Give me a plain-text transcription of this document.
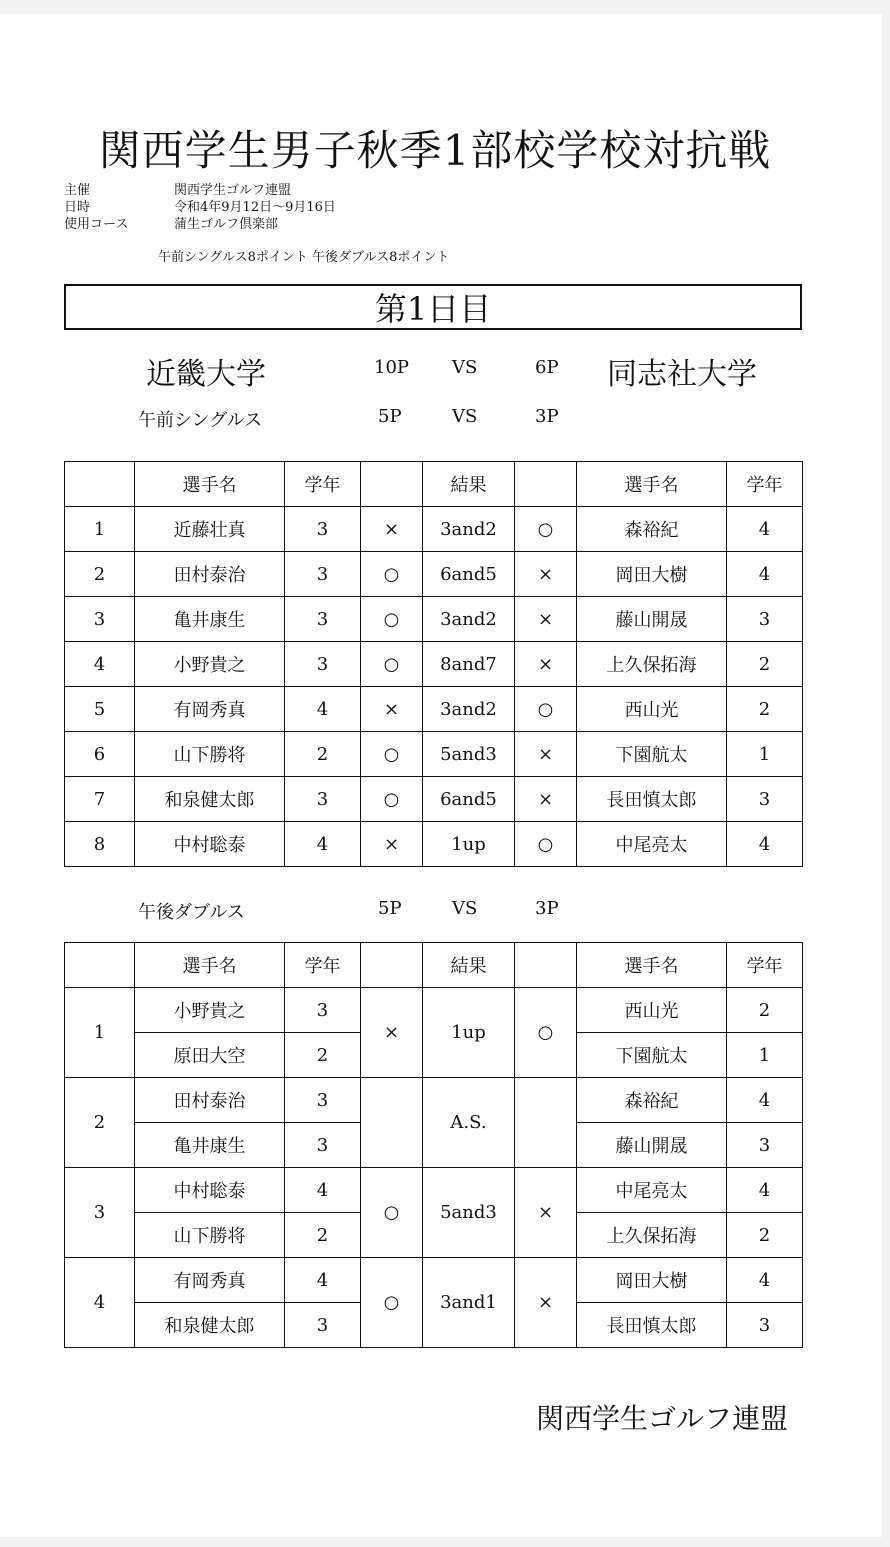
関西学生男子秋季1部校学校対抗戦
主催	関西学生ゴルフ連盟
日時	令和4年9月12日～9月16日
使用コース	蒲生ゴルフ倶楽部
午前シングルス8ポイント 午後ダブルス8ポイント
第1日目
近畿大学	10P VS	6P 同志社大学
午前シングルス	5P	VS	3P
	選手名	学年		結果		選手名	学年
1	近藤壮真	3	×	3and2	○	森裕紀	4
2	田村泰治	3	○	6and5	×	岡田大樹	4
3	亀井康生	3	○	3and2	×	藤山開晟	3
4	小野貴之	3	○	8and7	×	上久保拓海	2
5	有岡秀真	4	×	3and2	○	西山光	2
6	山下勝将	2	○	5and3	×	下園航太	1
7	和泉健太郎	3	○	6and5	×	長田慎太郎	3
8	中村聡泰	4	×	1up	○	中尾亮太	4
午後ダブルス	5P	VS	3P
	選手名	学年		結果		選手名	学年
1	小野貴之	3	×	1up	○	西山光	2
	原田大空	2				下園航太	1
2	田村泰治	3		A.S.		森裕紀	4
	亀井康生	3				藤山開晟	3
3	中村聡泰	4	○	5and3	×	中尾亮太	4
	山下勝将	2				上久保拓海	2
4	有岡秀真	4	○	3and1	×	岡田大樹	4
	和泉健太郎	3				長田慎太郎	3
関西学生ゴルフ連盟
